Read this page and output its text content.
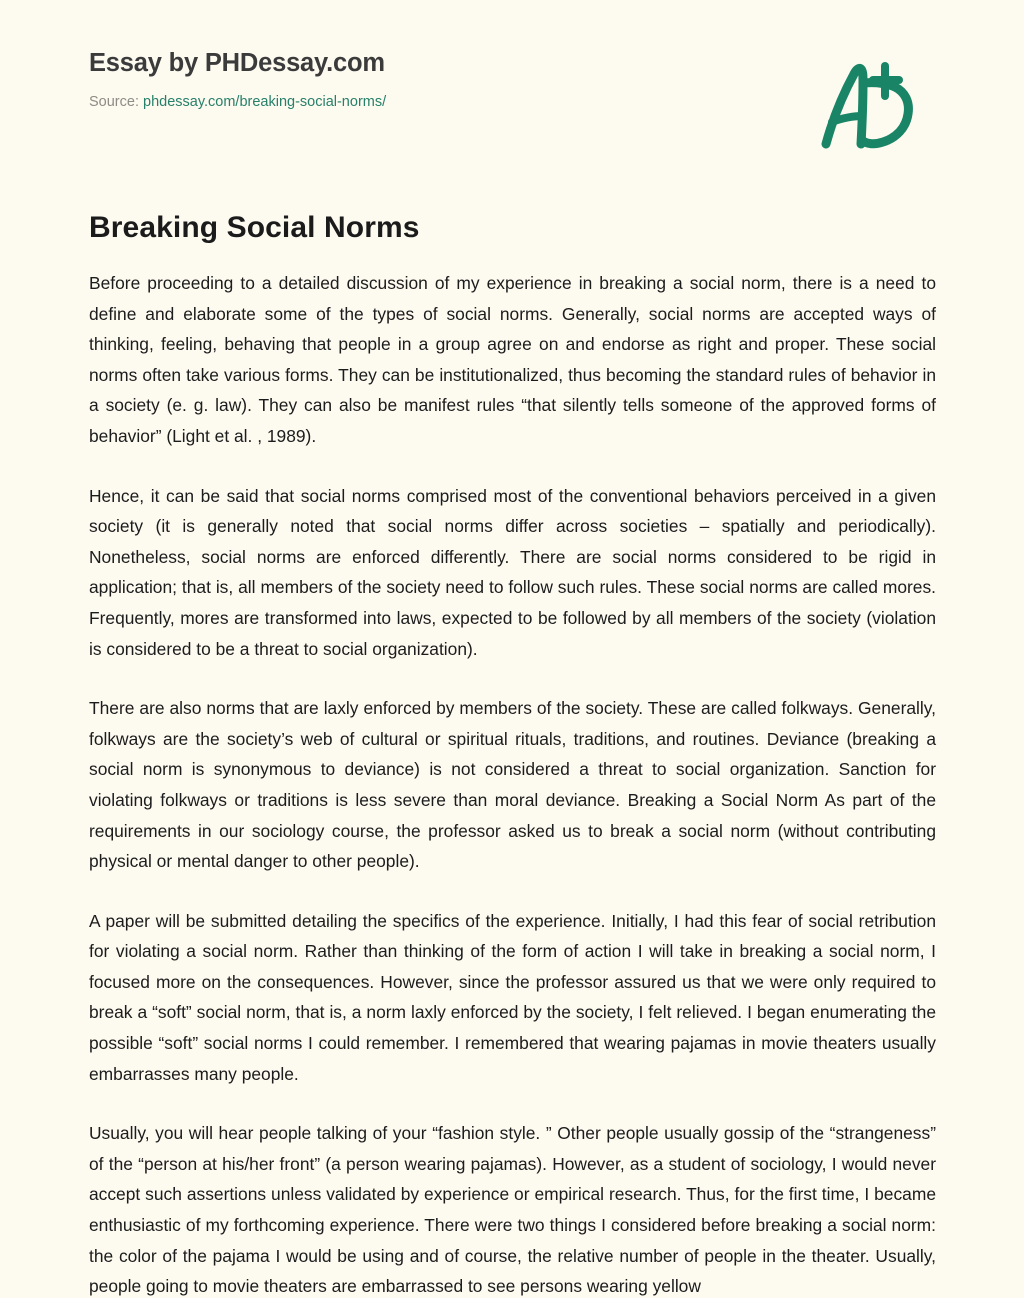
Essay by PHDessay.com
Source: phdessay.com/breaking-social-norms/
Breaking Social Norms

Before proceeding to a detailed discussion of my experience in breaking a social norm, there is a need to define and elaborate some of the types of social norms. Generally, social norms are accepted ways of thinking, feeling, behaving that people in a group agree on and endorse as right and proper. These social norms often take various forms. They can be institutionalized, thus becoming the standard rules of behavior in a society (e. g. law). They can also be manifest rules “that silently tells someone of the approved forms of behavior” (Light et al. , 1989).

Hence, it can be said that social norms comprised most of the conventional behaviors perceived in a given society (it is generally noted that social norms differ across societies – spatially and periodically). Nonetheless, social norms are enforced differently. There are social norms considered to be rigid in application; that is, all members of the society need to follow such rules. These social norms are called mores. Frequently, mores are transformed into laws, expected to be followed by all members of the society (violation is considered to be a threat to social organization).

There are also norms that are laxly enforced by members of the society. These are called folkways. Generally, folkways are the society’s web of cultural or spiritual rituals, traditions, and routines. Deviance (breaking a social norm is synonymous to deviance) is not considered a threat to social organization. Sanction for violating folkways or traditions is less severe than moral deviance. Breaking a Social Norm As part of the requirements in our sociology course, the professor asked us to break a social norm (without contributing physical or mental danger to other people).

A paper will be submitted detailing the specifics of the experience. Initially, I had this fear of social retribution for violating a social norm. Rather than thinking of the form of action I will take in breaking a social norm, I focused more on the consequences. However, since the professor assured us that we were only required to break a “soft” social norm, that is, a norm laxly enforced by the society, I felt relieved. I began enumerating the possible “soft” social norms I could remember. I remembered that wearing pajamas in movie theaters usually embarrasses many people.

Usually, you will hear people talking of your “fashion style. ” Other people usually gossip of the “strangeness” of the “person at his/her front” (a person wearing pajamas). However, as a student of sociology, I would never accept such assertions unless validated by experience or empirical research. Thus, for the first time, I became enthusiastic of my forthcoming experience. There were two things I considered before breaking a social norm: the color of the pajama I would be using and of course, the relative number of people in the theater. Usually, people going to movie theaters are embarrassed to see persons wearing yellow
